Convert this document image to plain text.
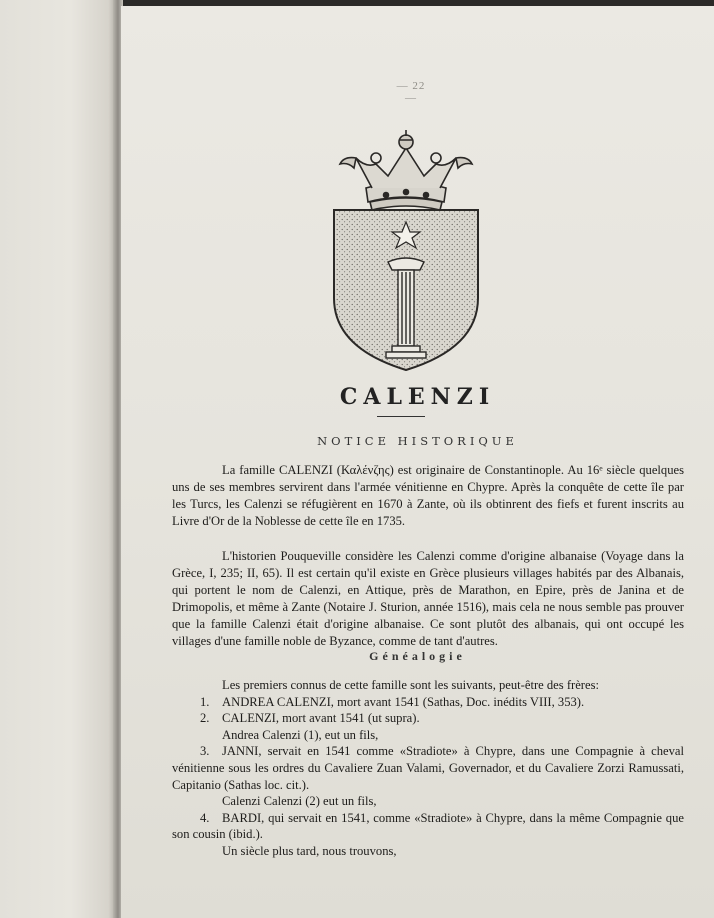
— 22 —
CALENZI
NOTICE HISTORIQUE

La famille CALENZI (Καλένζης) est originaire de Constantinople. Au 16ᵉ siècle quelques uns de ses membres servirent dans l'armée vénitienne en Chypre. Après la conquête de cette île par les Turcs, les Calenzi se réfugièrent en 1670 à Zante, où ils obtinrent des fiefs et furent inscrits au Livre d'Or de la Noblesse de cette île en 1735.

L'historien Pouqueville considère les Calenzi comme d'origine albanaise (Voyage dans la Grèce, I, 235; II, 65). Il est certain qu'il existe en Grèce plusieurs villages habités par des Albanais, qui portent le nom de Calenzi, en Attique, près de Marathon, en Epire, près de Janina et de Drimopolis, et même à Zante (Notaire J. Sturion, année 1516), mais cela ne nous semble pas prouver que la famille Calenzi était d'origine albanaise. Ce sont plutôt des albanais, qui ont occupé les villages d'une famille noble de Byzance, comme de tant d'autres.

Généalogie
Les premiers connus de cette famille sont les suivants, peut-être des frères:
1. ANDREA CALENZI, mort avant 1541 (Sathas, Doc. inédits VIII, 353).
2. CALENZI, mort avant 1541 (ut supra).
Andrea Calenzi (1), eut un fils,
3. JANNI, servait en 1541 comme «Stradiote» à Chypre, dans une Compagnie à cheval vénitienne sous les ordres du Cavaliere Zuan Valami, Governador, et du Cavaliere Zorzi Ramussati, Capitanio (Sathas loc. cit.).
Calenzi Calenzi (2) eut un fils,
4. BARDI, qui servait en 1541, comme «Stradiote» à Chypre, dans la même Compagnie que son cousin (ibid.).
Un siècle plus tard, nous trouvons,
